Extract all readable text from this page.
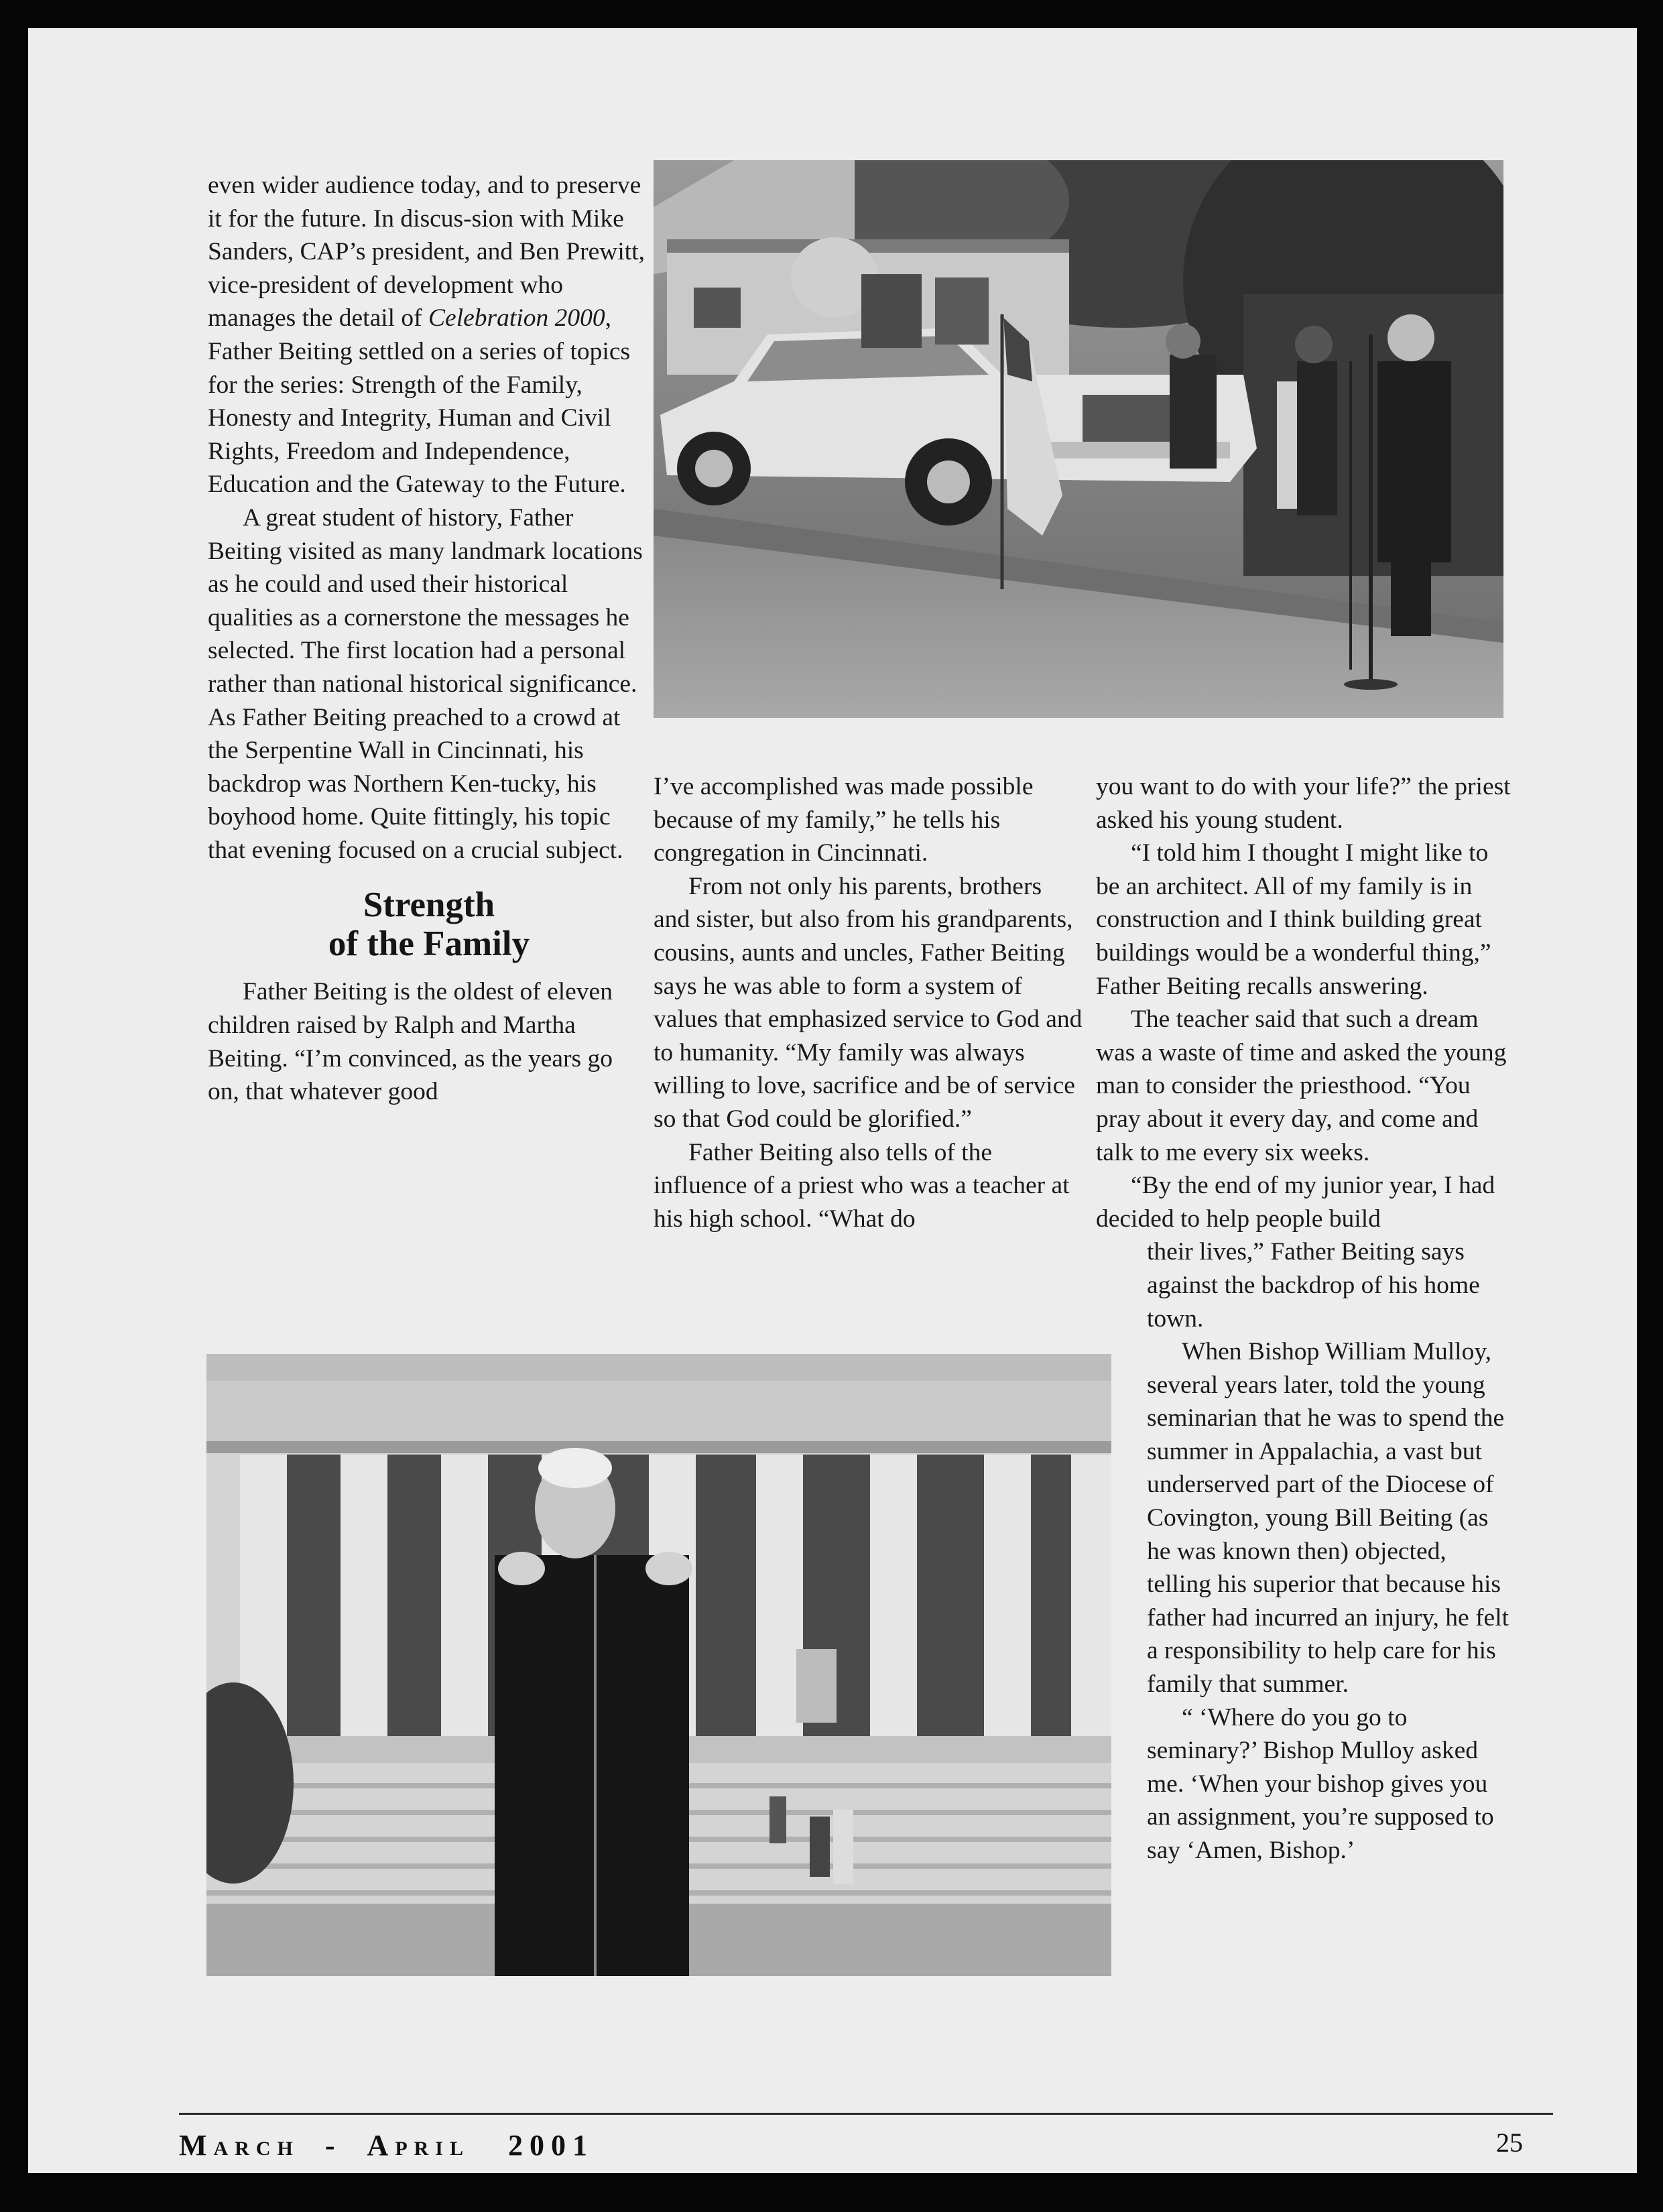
even wider audience today, and to preserve it for the future. In discus-sion with Mike Sanders, CAP’s president, and Ben Prewitt, vice-president of development who manages the detail of Celebration 2000, Father Beiting settled on a series of topics for the series: Strength of the Family, Honesty and Integrity, Human and Civil Rights, Freedom and Independence, Education and the Gateway to the Future.

A great student of history, Father Beiting visited as many landmark locations as he could and used their historical qualities as a cornerstone the messages he selected. The first location had a personal rather than national historical significance. As Father Beiting preached to a crowd at the Serpentine Wall in Cincinnati, his backdrop was Northern Ken-tucky, his boyhood home. Quite fittingly, his topic that evening focused on a crucial subject.

Strength
of the Family

Father Beiting is the oldest of eleven children raised by Ralph and Martha Beiting. “I’m convinced, as the years go on, that whatever good

I’ve accomplished was made possible because of my family,” he tells his congregation in Cincinnati.

From not only his parents, brothers and sister, but also from his grandparents, cousins, aunts and uncles, Father Beiting says he was able to form a system of values that emphasized service to God and to humanity. “My family was always willing to love, sacrifice and be of service so that God could be glorified.”

Father Beiting also tells of the influence of a priest who was a teacher at his high school. “What do

you want to do with your life?” the priest asked his young student.

“I told him I thought I might like to be an architect. All of my family is in construction and I think building great buildings would be a wonderful thing,” Father Beiting recalls answering.

The teacher said that such a dream was a waste of time and asked the young man to consider the priesthood. “You pray about it every day, and come and talk to me every six weeks.

“By the end of my junior year, I had decided to help people build

their lives,” Father Beiting says against the backdrop of his home town.

When Bishop William Mulloy, several years later, told the young seminarian that he was to spend the summer in Appalachia, a vast but underserved part of the Diocese of Covington, young Bill Beiting (as he was known then) objected, telling his superior that because his father had incurred an injury, he felt a responsibility to help care for his family that summer.

“ ‘Where do you go to seminary?’ Bishop Mulloy asked me. ‘When your bishop gives you an assignment, you’re supposed to say ‘Amen, Bishop.’

MARCH - APRIL 2001	25
